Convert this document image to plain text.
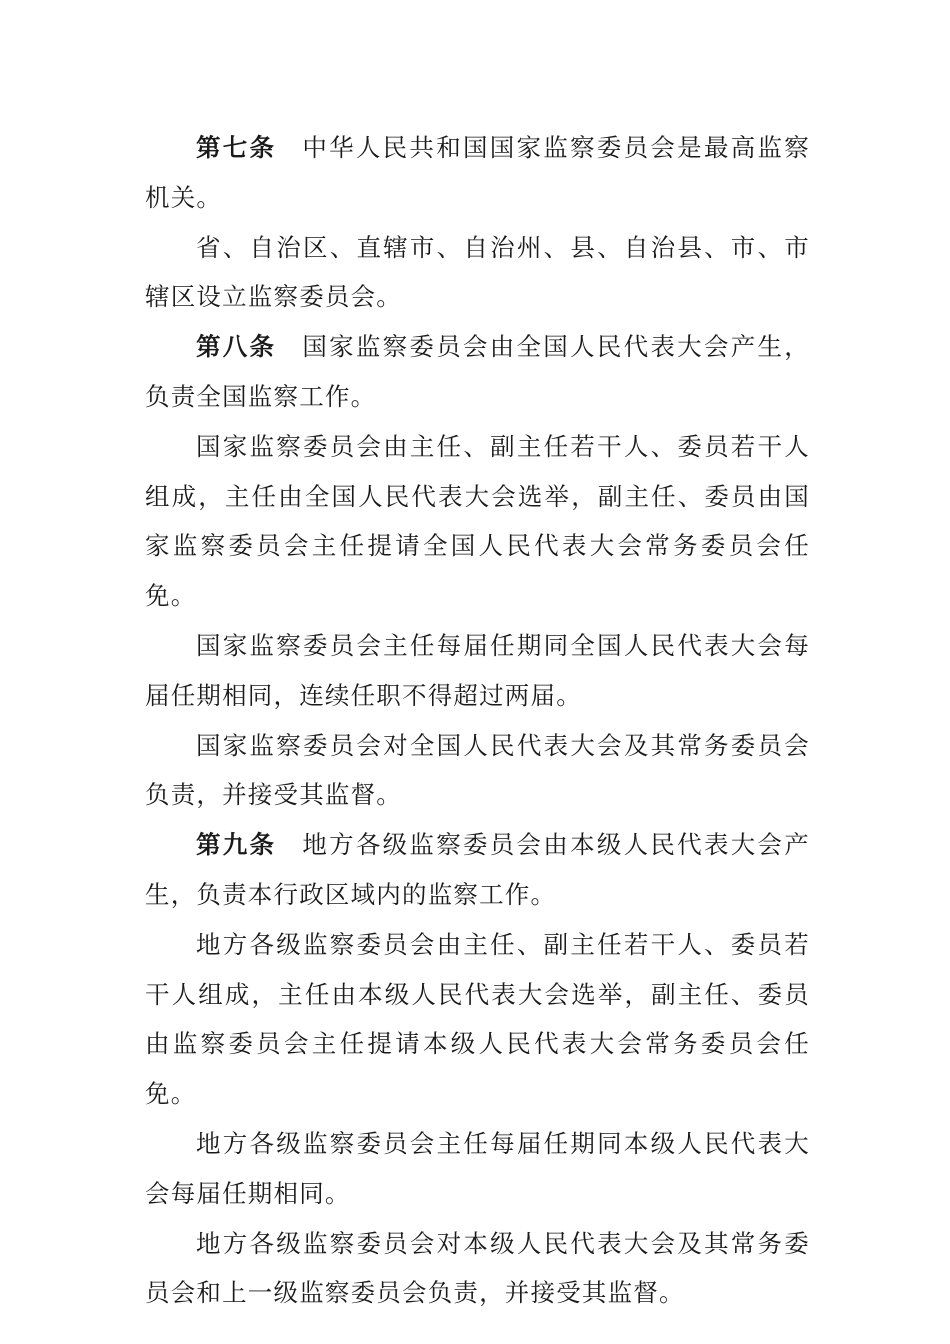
第七条 中华人民共和国国家监察委员会是最高监察机关。

省、自治区、直辖市、自治州、县、自治县、市、市辖区设立监察委员会。

第八条 国家监察委员会由全国人民代表大会产生，负责全国监察工作。

国家监察委员会由主任、副主任若干人、委员若干人组成，主任由全国人民代表大会选举，副主任、委员由国家监察委员会主任提请全国人民代表大会常务委员会任免。

国家监察委员会主任每届任期同全国人民代表大会每届任期相同，连续任职不得超过两届。

国家监察委员会对全国人民代表大会及其常务委员会负责，并接受其监督。

第九条 地方各级监察委员会由本级人民代表大会产生，负责本行政区域内的监察工作。

地方各级监察委员会由主任、副主任若干人、委员若干人组成，主任由本级人民代表大会选举，副主任、委员由监察委员会主任提请本级人民代表大会常务委员会任免。

地方各级监察委员会主任每届任期同本级人民代表大会每届任期相同。

地方各级监察委员会对本级人民代表大会及其常务委员会和上一级监察委员会负责，并接受其监督。
